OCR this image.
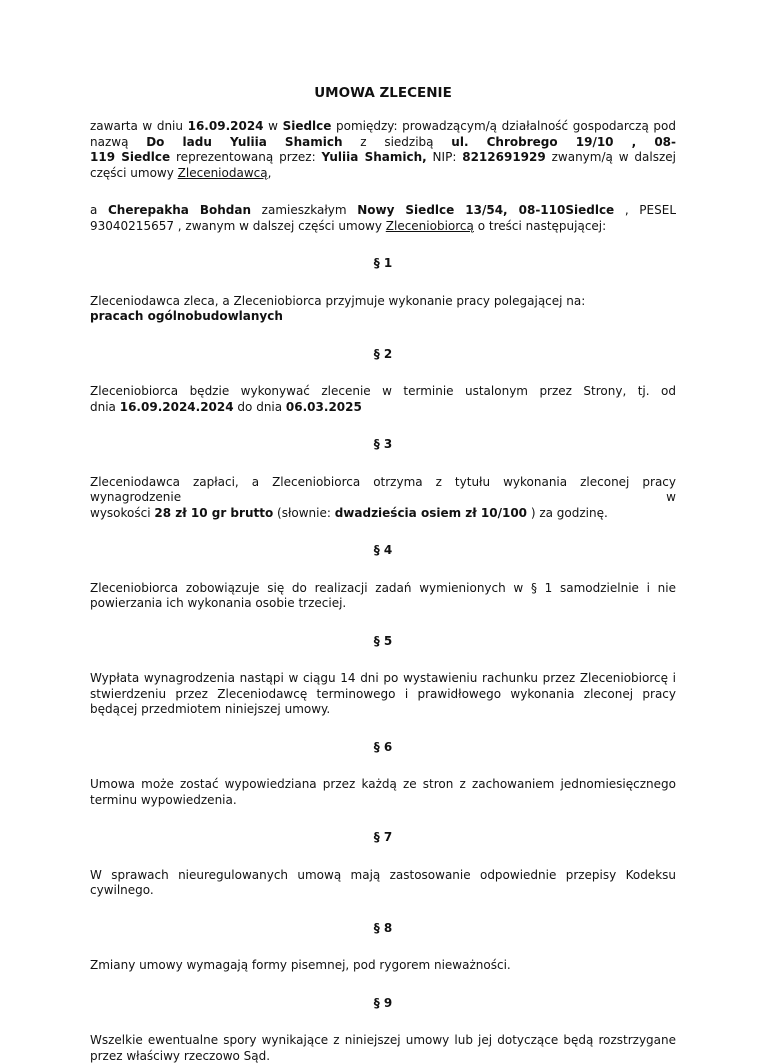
UMOWA ZLECENIE

zawarta w dniu 16.09.2024 w Siedlce pomiędzy: prowadzącym/ą działalność gospodarczą pod

nazwą Do ladu Yuliia Shamich z siedzibą ul. Chrobrego 19/10 , 08-

119 Siedlce reprezentowaną przez: Yuliia Shamich, NIP: 8212691929 zwanym/ą w dalszej

części umowy Zleceniodawcą,

a Cherepakha Bohdan zamieszkałym Nowy Siedlce 13/54, 08-110Siedlce , PESEL

93040215657 , zwanym w dalszej części umowy Zleceniobiorcą o treści następującej:

§ 1

Zleceniodawca zleca, a Zleceniobiorca przyjmuje wykonanie pracy polegającej na:

pracach ogólnobudowlanych

§ 2

Zleceniobiorca będzie wykonywać zlecenie w terminie ustalonym przez Strony, tj. od

dnia 16.09.2024.2024 do dnia 06.03.2025

§ 3

Zleceniodawca zapłaci, a Zleceniobiorca otrzyma z tytułu wykonania zleconej pracy wynagrodzenie w

wysokości 28 zł 10 gr brutto (słownie: dwadzieścia osiem zł 10/100 ) za godzinę.

§ 4

Zleceniobiorca zobowiązuje się do realizacji zadań wymienionych w § 1 samodzielnie i nie powierzania ich wykonania osobie trzeciej.

§ 5

Wypłata wynagrodzenia nastąpi w ciągu 14 dni po wystawieniu rachunku przez Zleceniobiorcę i stwierdzeniu przez Zleceniodawcę terminowego i prawidłowego wykonania zleconej pracy będącej przedmiotem niniejszej umowy.

§ 6

Umowa może zostać wypowiedziana przez każdą ze stron z zachowaniem jednomiesięcznego terminu wypowiedzenia.

§ 7

W sprawach nieuregulowanych umową mają zastosowanie odpowiednie przepisy Kodeksu cywilnego.

§ 8

Zmiany umowy wymagają formy pisemnej, pod rygorem nieważności.

§ 9

Wszelkie ewentualne spory wynikające z niniejszej umowy lub jej dotyczące będą rozstrzygane przez właściwy rzeczowo Sąd.
